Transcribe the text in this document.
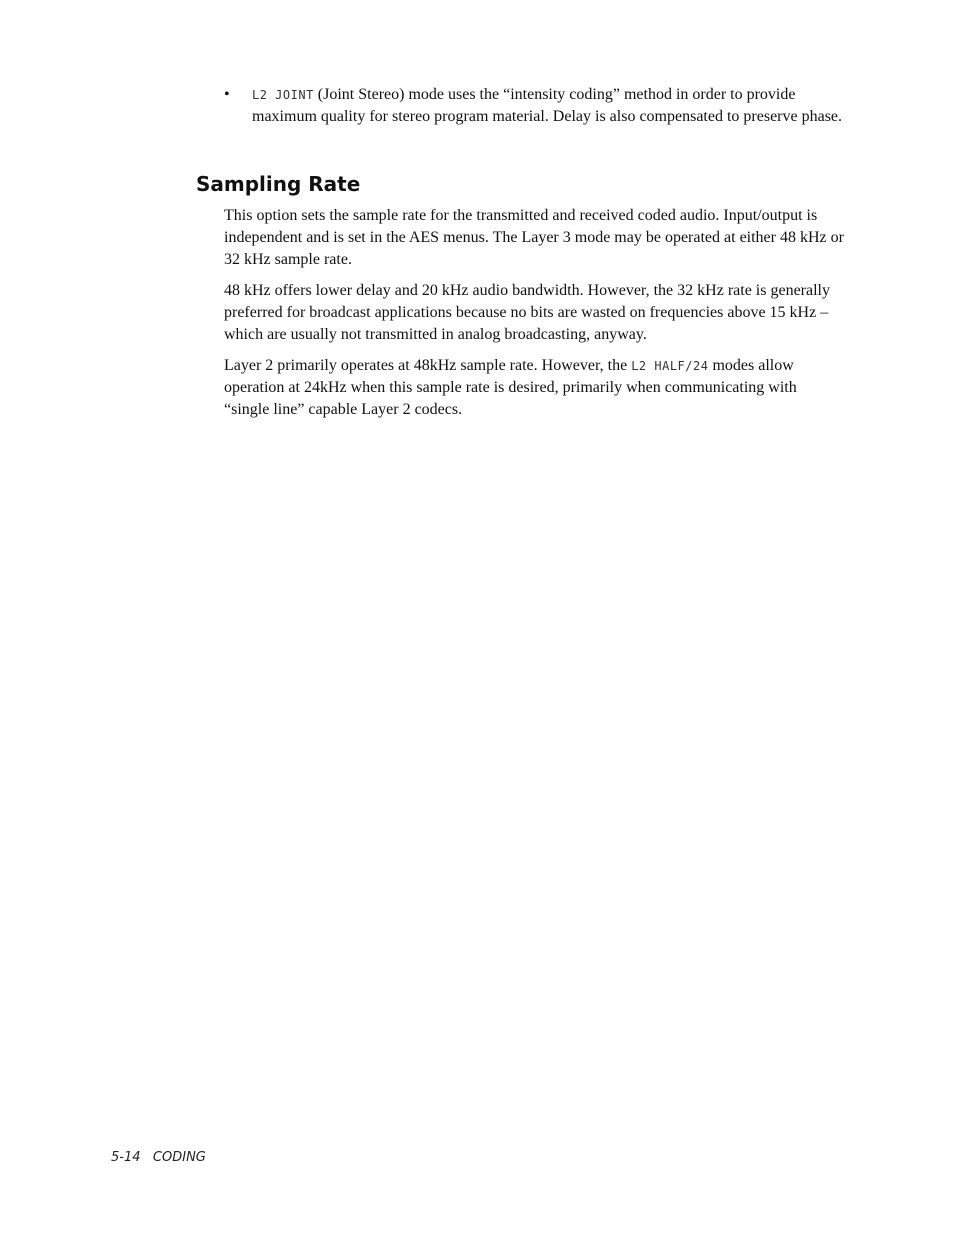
• L2 JOINT (Joint Stereo) mode uses the “intensity coding” method in order to provide maximum quality for stereo program material. Delay is also compensated to preserve phase.
Sampling Rate

This option sets the sample rate for the transmitted and received coded audio. Input/output is independent and is set in the AES menus. The Layer 3 mode may be operated at either 48 kHz or 32 kHz sample rate.

48 kHz offers lower delay and 20 kHz audio bandwidth. However, the 32 kHz rate is generally preferred for broadcast applications because no bits are wasted on frequencies above 15 kHz – which are usually not transmitted in analog broadcasting, anyway.

Layer 2 primarily operates at 48kHz sample rate. However, the L2 HALF/24 modes allow operation at 24kHz when this sample rate is desired, primarily when communicating with “single line” capable Layer 2 codecs.

5-14 CODING
